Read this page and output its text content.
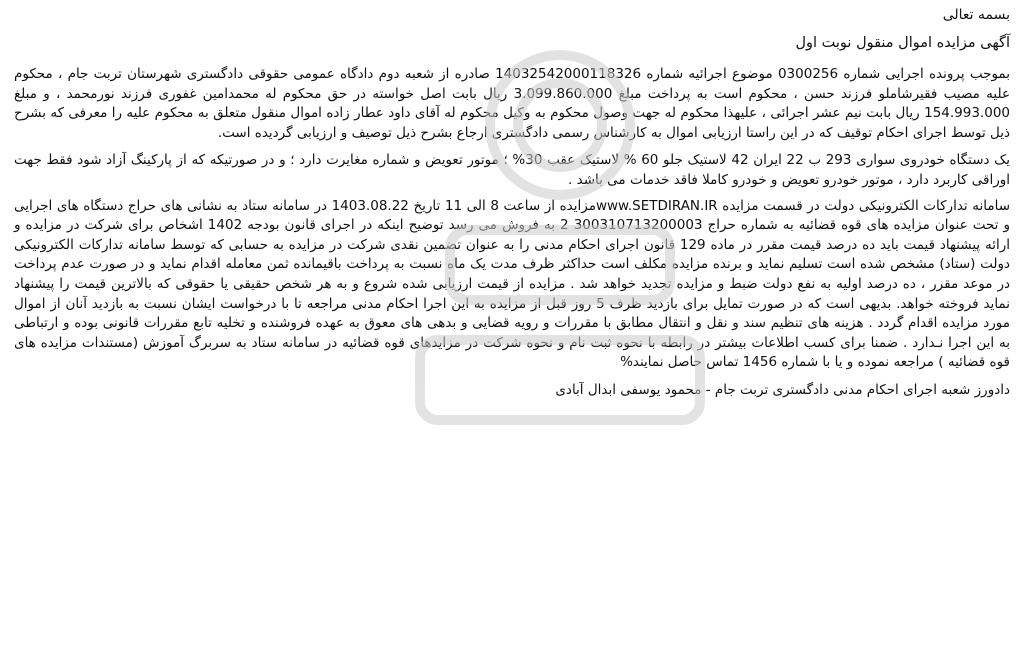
بسمه تعالی
آگهی مزایده اموال منقول نوبت اول

بموجب پرونده اجرایی شماره 0300256 موضوع اجرائیه شماره 14032542000118326 صادره از شعبه دوم دادگاه عمومی حقوقی دادگستری شهرستان تربت جام ، محکوم علیه مصیب فقیرشاملو فرزند حسن ، محکوم است به پرداخت مبلغ 3.099.860.000 ریال بابت اصل خواسته در حق محکوم له محمدامین غفوری فرزند نورمحمد ، و مبلغ 154.993.000 ریال بابت نیم عشر اجرائی ، علیهذا محکوم له جهت وصول محکوم به وکیل محکوم له آقای داود عطار زاده اموال منقول متعلق به محکوم علیه را معرفی که بشرح ذیل توسط اجرای احکام توقیف که در این راستا ارزیابی اموال به کارشناس رسمی دادگستری ارجاع بشرح ذیل توصیف و ارزیابی گردیده است.

یک دستگاه خودروی سواری 293 ب 22 ایران 42 لاستیک جلو 60 % لاستیک عقب 30% ؛ موتور تعویض و شماره مغایرت دارد ؛ و در صورتیکه که از پارکینگ آزاد شود فقط جهت اوراقی کاربرد دارد ، موتور خودرو تعویض و خودرو کاملا فاقد خدمات می باشد .

سامانه تدارکات الکترونیکی دولت در قسمت مزایده www.SETDIRAN.IRمزایده از ساعت 8 الی 11 تاریخ 1403.08.22 در سامانه ستاد به نشانی های حراج دستگاه های اجرایی و تحت عنوان مزایده های قوه قضائیه به شماره حراج 300310713200003 2 به فروش می رسد توضیح اینکه در اجرای قانون بودجه 1402 اشخاص برای شرکت در مزایده و ارائه پیشنهاد قیمت باید ده درصد قیمت مقرر در ماده 129 قانون اجرای احکام مدنی را به عنوان تضمین نقدی شرکت در مزایده به حسابی که توسط سامانه تدارکات الکترونیکی دولت (ستاد) مشخص شده است تسلیم نماید و برنده مزایده مکلف است حداکثر ظرف مدت یک ماه نسبت به پرداخت باقیمانده ثمن معامله اقدام نماید و در صورت عدم پرداخت در موعد مقرر ، ده درصد اولیه به نفع دولت ضبط و مزایده تجدید خواهد شد . مزایده از قیمت ارزیابی شده شروع و به هر شخص حقیقی یا حقوقی که بالاترین قیمت را پیشنهاد نماید فروخته خواهد. بدیهی است که در صورت تمایل برای بازدید ظرف 5 روز قبل از مزایده به این اجرا احکام مدنی مراجعه تا با درخواست ایشان نسبت به بازدید آنان از اموال مورد مزایده اقدام گردد . هزینه های تنظیم سند و نقل و انتقال مطابق با مقررات و رویه قضایی و بدهی های معوق به عهده فروشنده و تخلیه تابع مقررات قانونی بوده و ارتباطی به این اجرا نـدارد . ضمنا برای کسب اطلاعات بیشتر در رابطه با نحوه ثبت نام و نحوه شرکت در مزایدهای قوه قضائیه در سامانه ستاد به سربرگ آموزش (مستندات مزایده های قوه قضائیه ) مراجعه نموده و یا با شماره 1456 تماس حاصل نمایند%

دادورز شعبه اجرای احکام مدنی دادگستری تربت جام - محمود یوسفی ابدال آبادی
